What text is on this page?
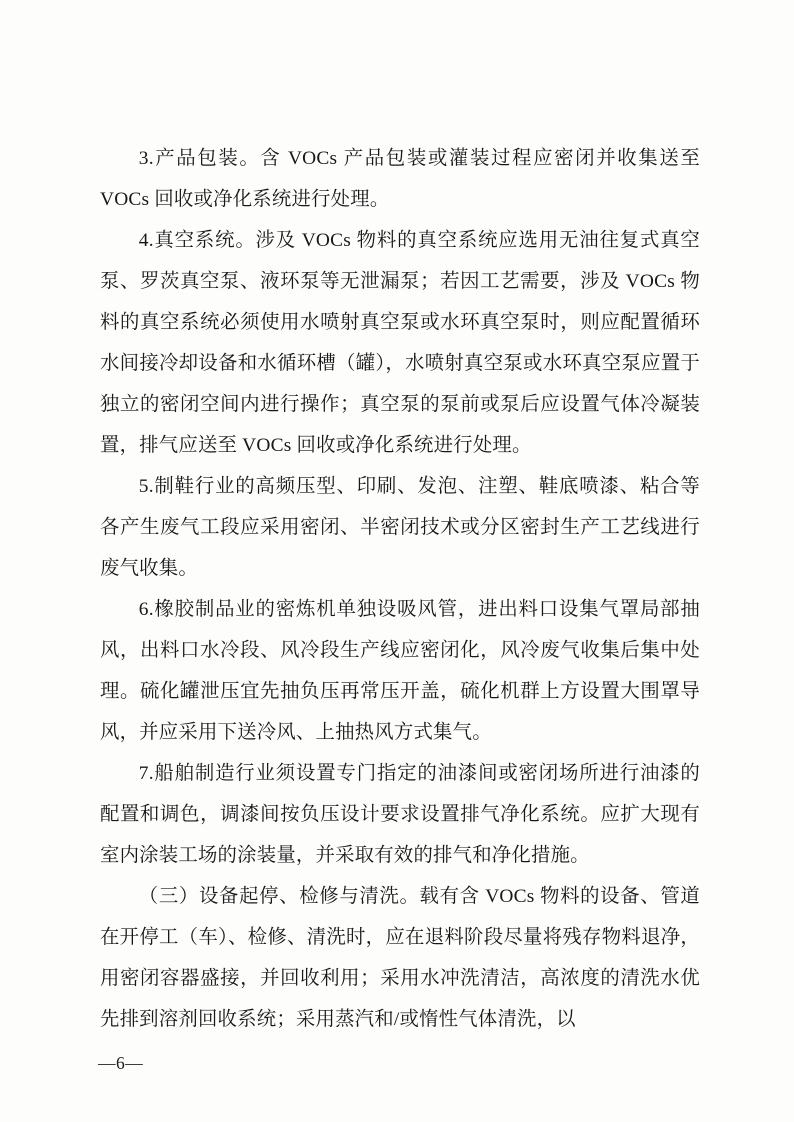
3.产品包装。含 VOCs 产品包装或灌装过程应密闭并收集送至VOCs 回收或净化系统进行处理。

4.真空系统。涉及 VOCs 物料的真空系统应选用无油往复式真空泵、罗茨真空泵、液环泵等无泄漏泵；若因工艺需要，涉及 VOCs 物料的真空系统必须使用水喷射真空泵或水环真空泵时，则应配置循环水间接冷却设备和水循环槽（罐），水喷射真空泵或水环真空泵应置于独立的密闭空间内进行操作；真空泵的泵前或泵后应设置气体冷凝装置，排气应送至 VOCs 回收或净化系统进行处理。

5.制鞋行业的高频压型、印刷、发泡、注塑、鞋底喷漆、粘合等各产生废气工段应采用密闭、半密闭技术或分区密封生产工艺线进行废气收集。

6.橡胶制品业的密炼机单独设吸风管，进出料口设集气罩局部抽风，出料口水冷段、风冷段生产线应密闭化，风冷废气收集后集中处理。硫化罐泄压宜先抽负压再常压开盖，硫化机群上方设置大围罩导风，并应采用下送冷风、上抽热风方式集气。

7.船舶制造行业须设置专门指定的油漆间或密闭场所进行油漆的配置和调色，调漆间按负压设计要求设置排气净化系统。应扩大现有室内涂装工场的涂装量，并采取有效的排气和净化措施。

（三）设备起停、检修与清洗。载有含 VOCs 物料的设备、管道在开停工（车）、检修、清洗时，应在退料阶段尽量将残存物料退净，用密闭容器盛接，并回收利用；采用水冲洗清洁，高浓度的清洗水优先排到溶剂回收系统；采用蒸汽和/或惰性气体清洗，以

—6—
